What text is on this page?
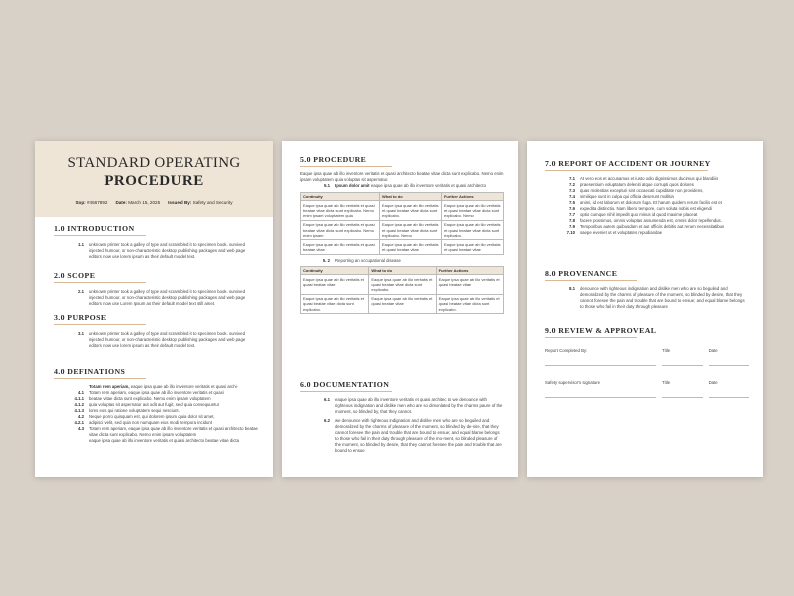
STANDARD OPERATING
PROCEDURE
Sop: #4567892 Date: March 15, 2025 Issued By: Safety and Security
1.0 INTRODUCTION
1.1	unknown printer took a galley of type and scrambled it to specimen book. survived injected humour, or non-characteristic desktop publishing packages and web page editors now use lorem ipsum as their default model text.
2.0 SCOPE
2.1	unknown printer took a galley of type and scrambled it to specimen book. survived injected humour, or non-characteristic desktop publishing packages and web page editors now use Lorem Ipsum as their default model text still amet.
3.0 PURPOSE
3.1	unknown printer took a galley of type and scrambled it to specimen book. survived injected humour, or non-characteristic desktop publishing packages and web page editors now use lorem ipsum as their default model text.
4.0 DEFINATIONS
Totam rem aperiam, eaque ipsa quae ab illo inventore veritatis et quasi archi-
4.1	Totam rem aperiam, eaque ipsa quae ab illo inventore veritatis et quasi
4.1.1	beatae vitae dicta sunt explicabo. Nemo enim ipsam voluptatem
4.1.2	quia voluptas sit aspernatur aut odit aut fugit, sed quia consequuntur
4.1.3	lores eos qui ratione voluptatem sequi nesciunt.
4.2	Neque porro quisquam est, qui dolorem ipsum quia dolor sit amet,
4.2.1	adipisci velit, sed quia non numquam eius modi tempora incidunt
4.3	Totam rem aperiam, eaque ipsa quae ab illo inventore veritatis et quasi architecto beatae vitae dicta sunt explicabo. Nemo enim ipsam voluptatem
eaque ipsa quae ab illo inventore veritatis et quasi architecto beatae vitae dicta
5.0 PROCEDURE
Eaque ipsa quae ab illo inventore veritatis et quasi architecto beatae vitae dicta sunt explicabo. Nemo enim ipsam voluptatem quia voluptas sit aspernatur.
5.1	Ipsum dolor amit eaque ipsa quae ab illo inventore veritatis et quasi architecto
Continuity	What to do	Further Actions
Eaque ipsa quae ab illo veritatis et quasi beatae vitae dicta sunt explicabo. Nemo enim ipsam voluptatem quia	Eaque ipsa quae ab illo veritatis et quasi beatae vitae dicta sunt explicabo.	Eaque ipsa quae ab illo veritatis et quasi beatae vitae dicta sunt explicabo. Nemo
Eaque ipsa quae ab illo veritatis et quasi beatae vitae dicta sunt explicabo. Nemo enim ipsam	Eaque ipsa quae ab illo veritatis et quasi beatae vitae dicta sunt explicabo. Nemo	Eaque ipsa quae ab illo veritatis et quasi beatae vitae dicta sunt explicabo.
Eaque ipsa quae ab illo veritatis et quasi beatae vitae	Eaque ipsa quae ab illo veritatis et quasi beatae vitae	Eaque ipsa quae ab illo veritatis et quasi beatae vitae
5. 2	Reporting an occupational disease
Continuity	What to do	Further Actions
Eaque ipsa quae ab illo veritatis et quasi beatae vitae	Eaque ipsa quae ab illo veritatis et quasi beatae vitae dicta sunt explicabo.	Eaque ipsa quae ab illo veritatis et quasi beatae vitae
Eaque ipsa quae ab illo veritatis et quasi beatae vitae dicta sunt explicabo.	Eaque ipsa quae ab illo veritatis et quasi beatae vitae	Eaque ipsa quae ab illo veritatis et quasi beatae vitae dicta sunt explicabo.
6.0 DOCUMENTATION
6.1	eaque ipsa quae ab illo inventore veritatis et quasi architec to we denounce with righteous indignation and dislike men who are so dimonlated by the charms paure of the moment, so blinded by, that they cannot.
6.2	we denounce with righteous indignation and dislike men who are so beguiled and demoralized by the charms of pleasure of the moment, so blinded by de-sire, that they cannot foresee the pain and trouble that are bound to ensue; and equal blame belongs to those who fail in their duty through pleasure of the mo-ment, so blinded pleasure of the moment, so blinded by desire, that they cannot foresee the pain and trouble that are bound to ensue
7.0 REPORT OF ACCIDENT OR JOURNEY
7.1	At vero eos et accusamus et iusto odio dignissimos ducimus qui blandiiis
7.2	praesentium voluptatum deleniti atque corrupti quos dolores
7.3	quas molestias excepturi sint occaecati cupiditate non providens,
7.4	similique sunt in culpa qui officia deserunt mollitia
7.5	animi, id est laborum et dolorum fuga. Et harum quidem rerum facilis est et
7.6	expedita distinctio. Nam libero tempore, cum soluta nobis est eligendi
7.7	optio cumque nihil impedit quo minus id quod maxime placeat
7.8	facere possimus, omnis voluptas assumenda est, omnis dolor repellendus.
7.9	Temporibus autem quibusdam et aut officiis debitis aut rerum necessitatibus
7.10	saepe eveniet ut et voluptates repudiandae
8.0 PROVENANCE
8.1	denounce with righteous indignation and dislike men who are so beguiled and demoralized by the charms of pleasure of the moment, so blinded by desire, that they cannot foresee the pain and trouble that are bound to ensue; and equal blame belongs to those who fail in their duty through pleasure
9.0 REVIEW & APPROVEAL
Report Completed By:	Title	Date
Safety supervisor's signature	Title	Date
